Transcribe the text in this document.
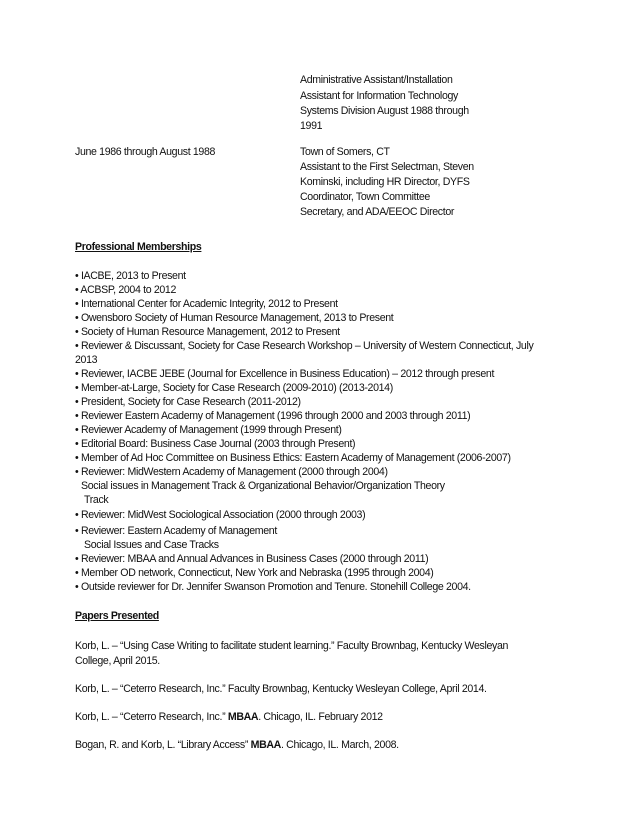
Administrative Assistant/Installation
Assistant for Information Technology
Systems Division August 1988 through
1991
June 1986 through August 1988	Town of Somers, CT
Assistant to the First Selectman, Steven
Kominski, including HR Director, DYFS
Coordinator, Town Committee
Secretary, and ADA/EEOC Director
Professional Memberships
• IACBE, 2013 to Present
• ACBSP, 2004 to 2012
• International Center for Academic Integrity, 2012 to Present
• Owensboro Society of Human Resource Management, 2013 to Present
• Society of Human Resource Management, 2012 to Present
• Reviewer & Discussant, Society for Case Research Workshop – University of Western Connecticut, July
2013
• Reviewer, IACBE JEBE (Journal for Excellence in Business Education) – 2012 through present
• Member-at-Large, Society for Case Research (2009-2010) (2013-2014)
• President, Society for Case Research (2011-2012)
• Reviewer Eastern Academy of Management (1996 through 2000 and 2003 through 2011)
• Reviewer Academy of Management (1999 through Present)
• Editorial Board: Business Case Journal (2003 through Present)
• Member of Ad Hoc Committee on Business Ethics: Eastern Academy of Management (2006-2007)
• Reviewer: MidWestern Academy of Management (2000 through 2004)
Social issues in Management Track & Organizational Behavior/Organization Theory
Track
• Reviewer: MidWest Sociological Association (2000 through 2003)
• Reviewer: Eastern Academy of Management
Social Issues and Case Tracks
• Reviewer: MBAA and Annual Advances in Business Cases (2000 through 2011)
• Member OD network, Connecticut, New York and Nebraska (1995 through 2004)
• Outside reviewer for Dr. Jennifer Swanson Promotion and Tenure. Stonehill College 2004.
Papers Presented
Korb, L. – “Using Case Writing to facilitate student learning.” Faculty Brownbag, Kentucky Wesleyan
College, April 2015.
Korb, L. – “Ceterro Research, Inc.” Faculty Brownbag, Kentucky Wesleyan College, April 2014.
Korb, L. – “Ceterro Research, Inc.” MBAA. Chicago, IL. February 2012
Bogan, R. and Korb, L. “Library Access” MBAA. Chicago, IL. March, 2008.
